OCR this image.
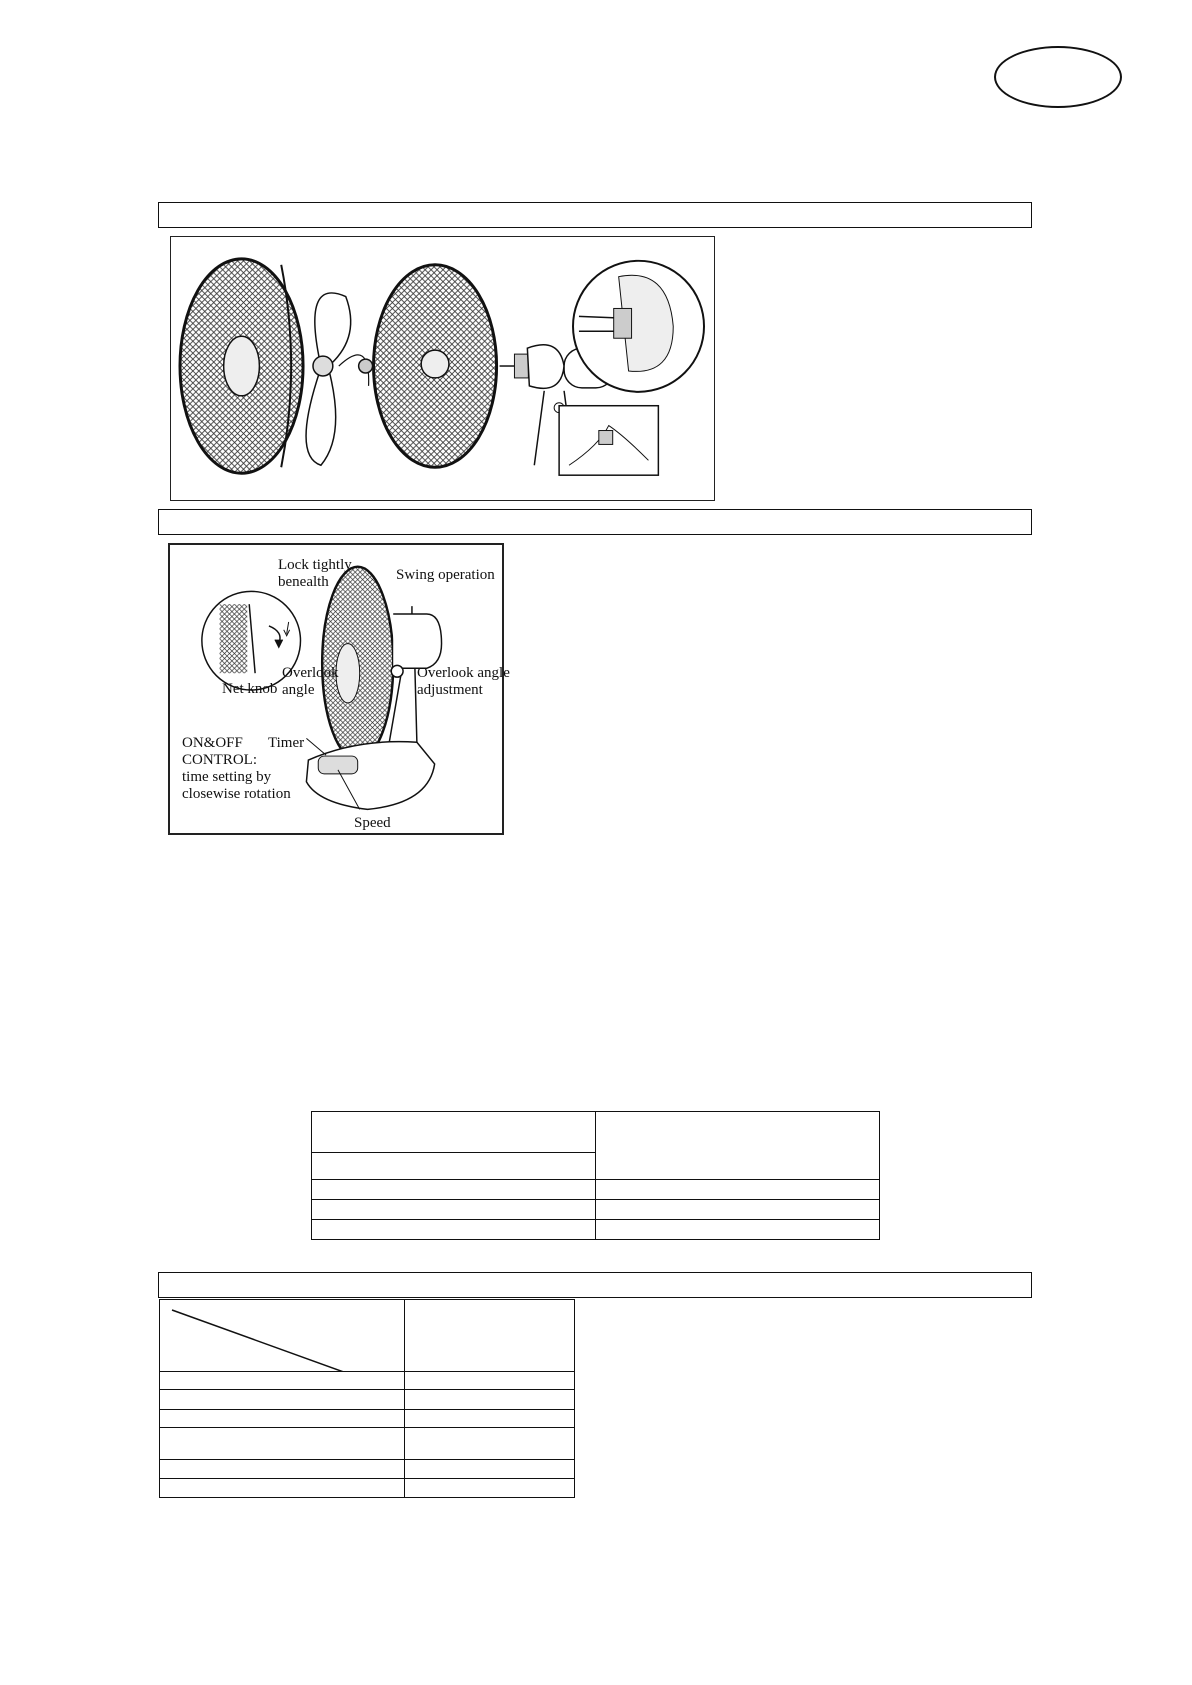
Lock tightly
benealth	Swing operation
Net knob
Overlook
angle
Overlook angle
adjustment
ON&OFF
CONTROL:
time setting by
closewise rotation
Timer
Speed
